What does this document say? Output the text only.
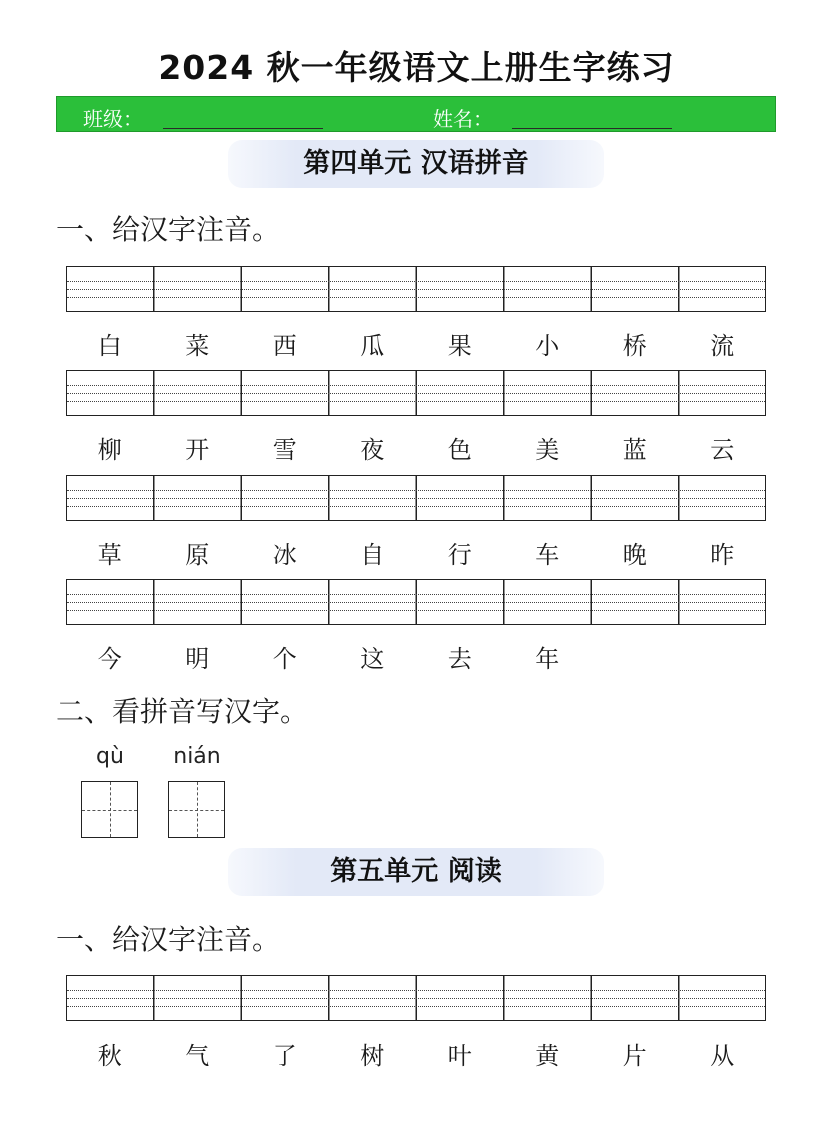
2024 秋一年级语文上册生字练习
班级：	姓名：
第四单元 汉语拼音
一、给汉字注音。
白	菜	西	瓜	果	小	桥	流
柳	开	雪	夜	色	美	蓝	云
草	原	冰	自	行	车	晚	昨
今	明	个	这	去	年
二、看拼音写汉字。
qù	nián
第五单元 阅读
一、给汉字注音。
秋	气	了	树	叶	黄	片	从
